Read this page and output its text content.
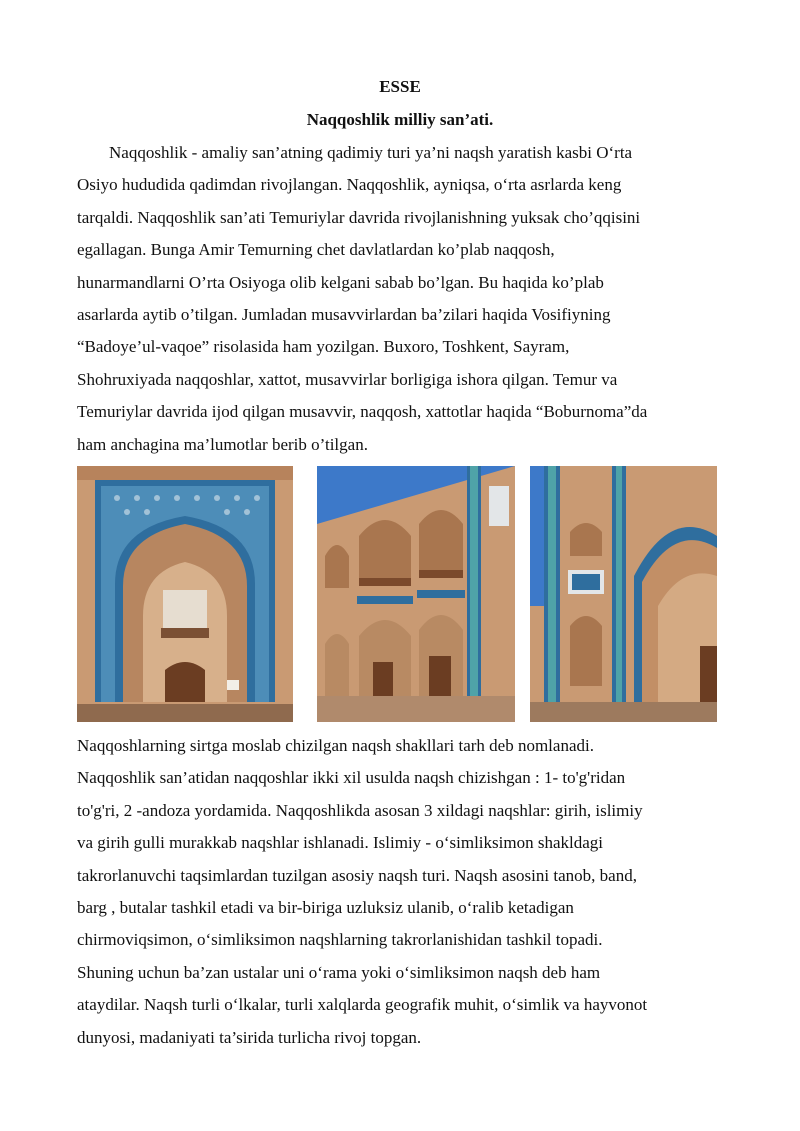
ESSE
Naqqoshlik milliy san’ati.

Naqqoshlik - amaliy san’atning qadimiy turi ya’ni naqsh yaratish kasbi O‘rta
Osiyo hududida qadimdan rivojlangan. Naqqoshlik, ayniqsa, o‘rta asrlarda keng
tarqaldi. Naqqoshlik san’ati Temuriylar davrida rivojlanishning yuksak cho’qqisini
egallagan. Bunga Amir Temurning chet davlatlardan ko’plab naqqosh,
hunarmandlarni O’rta Osiyoga olib kelgani sabab bo’lgan. Bu haqida ko’plab
asarlarda aytib o’tilgan. Jumladan musavvirlardan ba’zilari haqida Vosifiyning
“Badoye’ul-vaqoe” risolasida ham yozilgan. Buxoro, Toshkent, Sayram,
Shohruxiyada naqqoshlar, xattot, musavvirlar borligiga ishora qilgan. Temur va
Temuriylar davrida ijod qilgan musavvir, naqqosh, xattotlar haqida “Boburnoma”da
ham anchagina ma’lumotlar berib o’tilgan.

Naqqoshlarning sirtga moslab chizilgan naqsh shakllari tarh deb nomlanadi.
Naqqoshlik san’atidan naqqoshlar ikki xil usulda naqsh chizishgan : 1- to'g'ridan
to'g'ri, 2 -andoza yordamida. Naqqoshlikda asosan 3 xildagi naqshlar: girih, islimiy
va girih gulli murakkab naqshlar ishlanadi. Islimiy - o‘simliksimon shakldagi
takrorlanuvchi taqsimlardan tuzilgan asosiy naqsh turi. Naqsh asosini tanob, band,
barg , butalar tashkil etadi va bir-biriga uzluksiz ulanib, o‘ralib ketadigan
chirmoviqsimon, o‘simliksimon naqshlarning takrorlanishidan tashkil topadi.
Shuning uchun ba’zan ustalar uni o‘rama yoki o‘simliksimon naqsh deb ham
ataydilar. Naqsh turli o‘lkalar, turli xalqlarda geografik muhit, o‘simlik va hayvonot
dunyosi, madaniyati ta’sirida turlicha rivoj topgan.
